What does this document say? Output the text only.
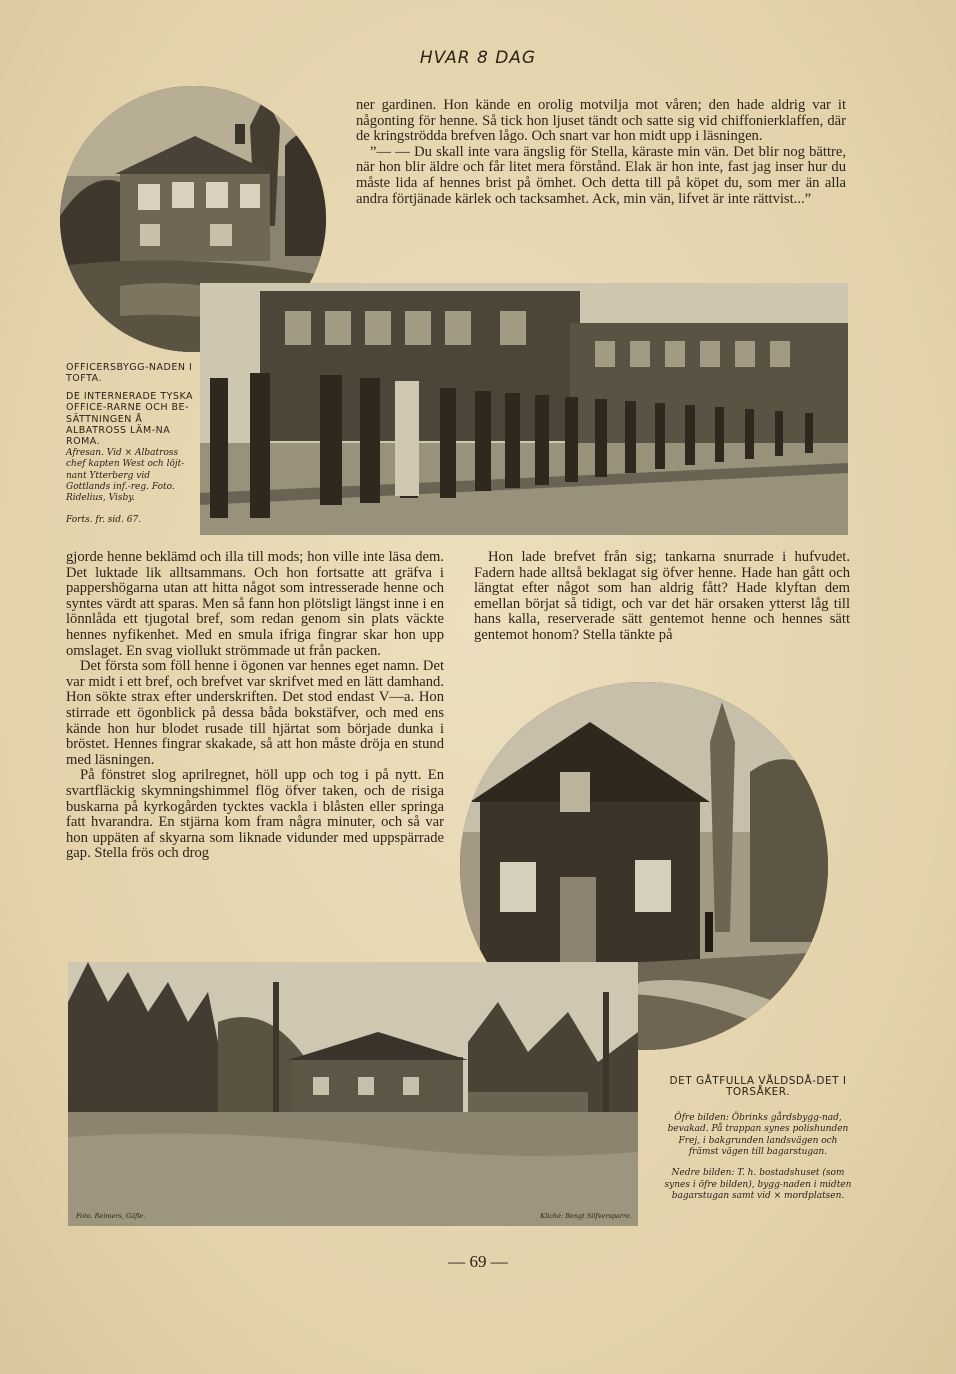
HVAR 8 DAG

ner gardinen. Hon kände en orolig motvilja mot våren; den hade aldrig var it någonting för henne. Så tick hon ljuset tändt och satte sig vid chiffonierklaffen, där de kringströdda brefven lågo. Och snart var hon midt upp i läsningen.

”— — Du skall inte vara ängslig för Stella, käraste min vän. Det blir nog bättre, när hon blir äldre och får litet mera förstånd. Elak är hon inte, fast jag inser hur du måste lida af hennes brist på ömhet. Och detta till på köpet du, som mer än alla andra förtjänade kärlek och tacksamhet. Ack, min vän, lifvet är inte rättvist...”

OFFICERSBYGG-NADEN I TOFTA.
DE INTERNERADE TYSKA OFFICE-RARNE OCH BE-SÄTTNINGEN Å ALBATROSS LÄM-NA ROMA.
Afresan. Vid × Albatross chef kapten West och löjt-nant Ytterberg vid Gottlands inf.-reg. Foto. Ridelius, Visby.
Forts. fr. sid. 67.

gjorde henne beklämd och illa till mods; hon ville inte läsa dem. Det luktade lik alltsammans. Och hon fortsatte att gräfva i pappershögarna utan att hitta något som intresserade henne och syntes värdt att sparas. Men så fann hon plötsligt längst inne i en lönnlåda ett tjugotal bref, som redan genom sin plats väckte hennes nyfikenhet. Med en smula ifriga fingrar skar hon upp omslaget. En svag viollukt strömmade ut från packen.

Det första som föll henne i ögonen var hennes eget namn. Det var midt i ett bref, och brefvet var skrifvet med en lätt damhand. Hon sökte strax efter underskriften. Det stod endast V—a. Hon stirrade ett ögonblick på dessa båda bokstäfver, och med ens kände hon hur blodet rusade till hjärtat som började dunka i bröstet. Hennes fingrar skakade, så att hon måste dröja en stund med läsningen.

På fönstret slog aprilregnet, höll upp och tog i på nytt. En svartfläckig skymningshimmel flög öfver taken, och de risiga buskarna på kyrkogården tycktes vackla i blåsten eller springa fatt hvarandra. En stjärna kom fram några minuter, och så var hon uppäten af skyarna som liknade vidunder med uppspärrade gap. Stella frös och drog

Hon lade brefvet från sig; tankarna snurrade i hufvudet. Fadern hade alltså beklagat sig öfver henne. Hade han gått och längtat efter något som han aldrig fått? Hade klyftan dem emellan börjat så tidigt, och var det här orsaken ytterst låg till hans kalla, reserverade sätt gentemot henne och hennes sätt gentemot honom? Stella tänkte på

Foto. Reimers, Gäfle.	Kliché: Bengt Silfversparre.
DET GÅTFULLA VÅLDSDÅ-DET I TORSÅKER.
Öfre bilden: Öbrinks gårdsbygg-nad, bevakad. På trappan synes polishunden Frej, i bakgrunden landsvägen och främst vägen till bagarstugan.
Nedre bilden: T. h. bostadshuset (som synes i öfre bilden), bygg-naden i midten bagarstugan samt vid × mordplatsen.
— 69 —
